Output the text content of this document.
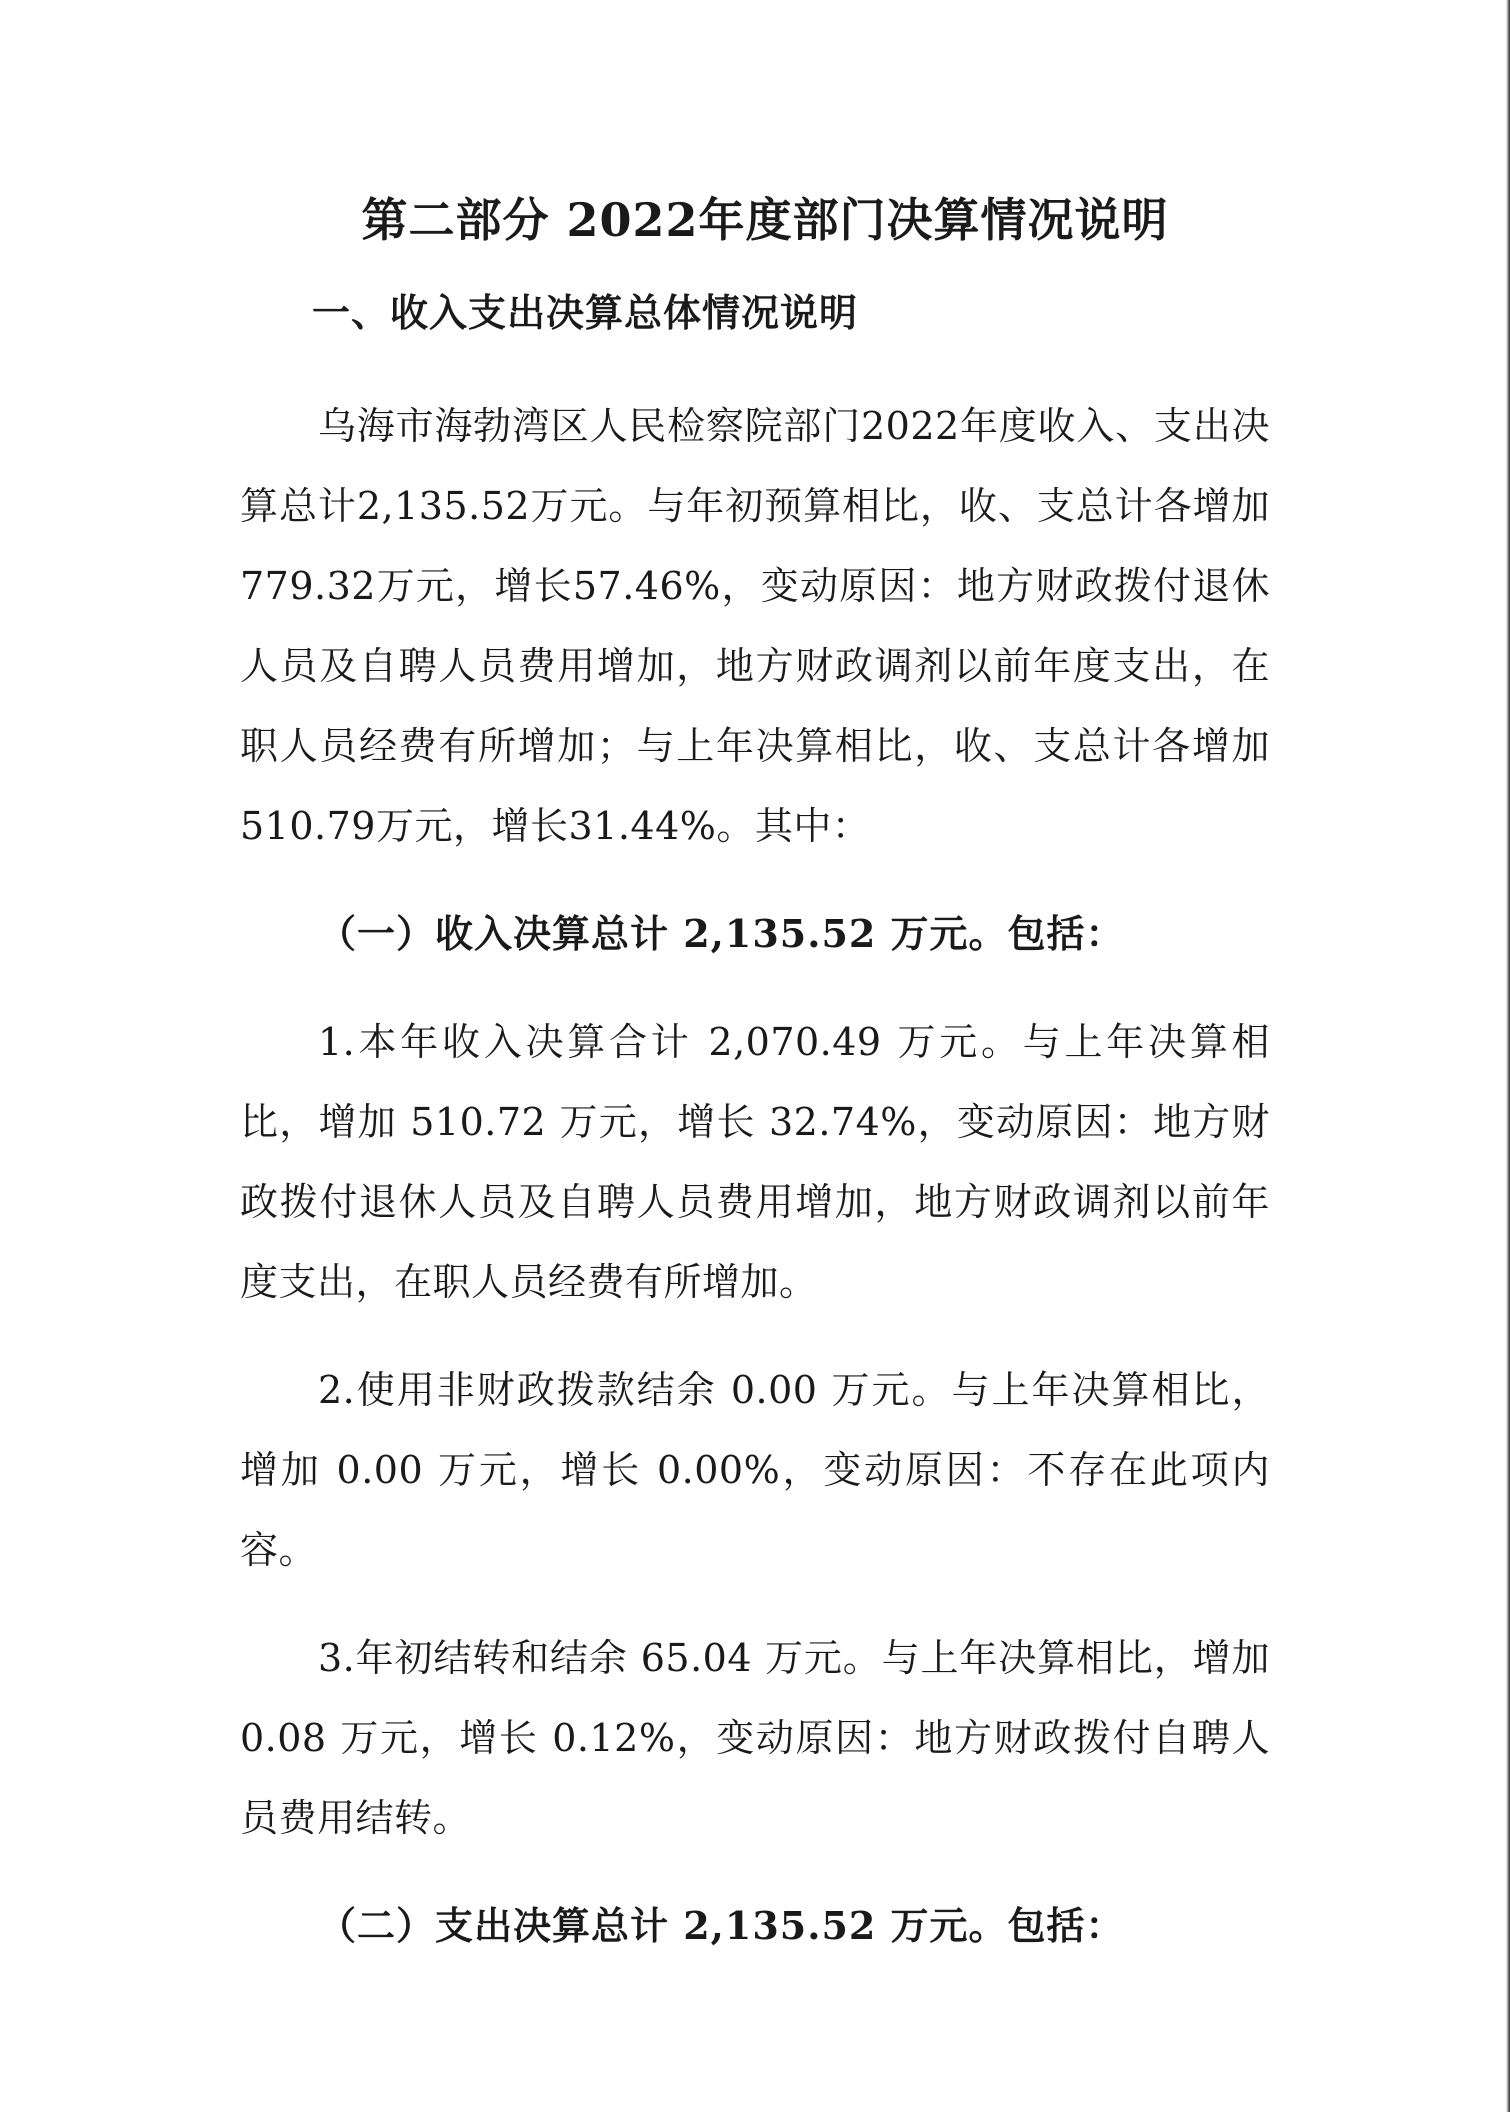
第二部分 2022年度部门决算情况说明
一、收入支出决算总体情况说明

乌海市海勃湾区人民检察院部门2022年度收入、支出决算总计2,135.52万元。与年初预算相比，收、支总计各增加779.32万元，增长57.46%，变动原因：地方财政拨付退休人员及自聘人员费用增加，地方财政调剂以前年度支出，在职人员经费有所增加；与上年决算相比，收、支总计各增加510.79万元，增长31.44%。其中：

（一）收入决算总计 2,135.52 万元。包括：

1.本年收入决算合计 2,070.49 万元。与上年决算相比，增加 510.72 万元，增长 32.74%，变动原因：地方财政拨付退休人员及自聘人员费用增加，地方财政调剂以前年度支出，在职人员经费有所增加。

2.使用非财政拨款结余 0.00 万元。与上年决算相比，增加 0.00 万元，增长 0.00%，变动原因：不存在此项内容。

3.年初结转和结余 65.04 万元。与上年决算相比，增加 0.08 万元，增长 0.12%，变动原因：地方财政拨付自聘人员费用结转。

（二）支出决算总计 2,135.52 万元。包括：
